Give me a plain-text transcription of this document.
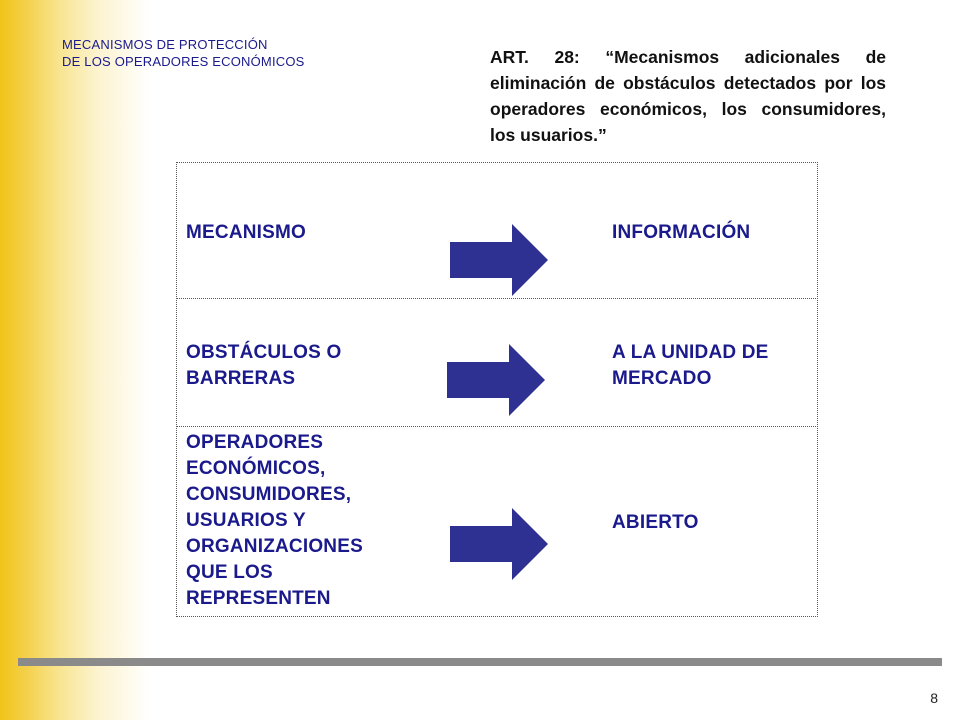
MECANISMOS DE PROTECCIÓN
DE LOS OPERADORES ECONÓMICOS	ART. 28: “Mecanismos adicionales de eliminación de obstáculos detectados por los operadores económicos, los consumidores, los usuarios.”
MECANISMO	INFORMACIÓN
OBSTÁCULOS O
BARRERAS
A LA UNIDAD DE
MERCADO
OPERADORES
ECONÓMICOS,
CONSUMIDORES,
USUARIOS Y
ORGANIZACIONES
QUE LOS
REPRESENTEN
ABIERTO
8
